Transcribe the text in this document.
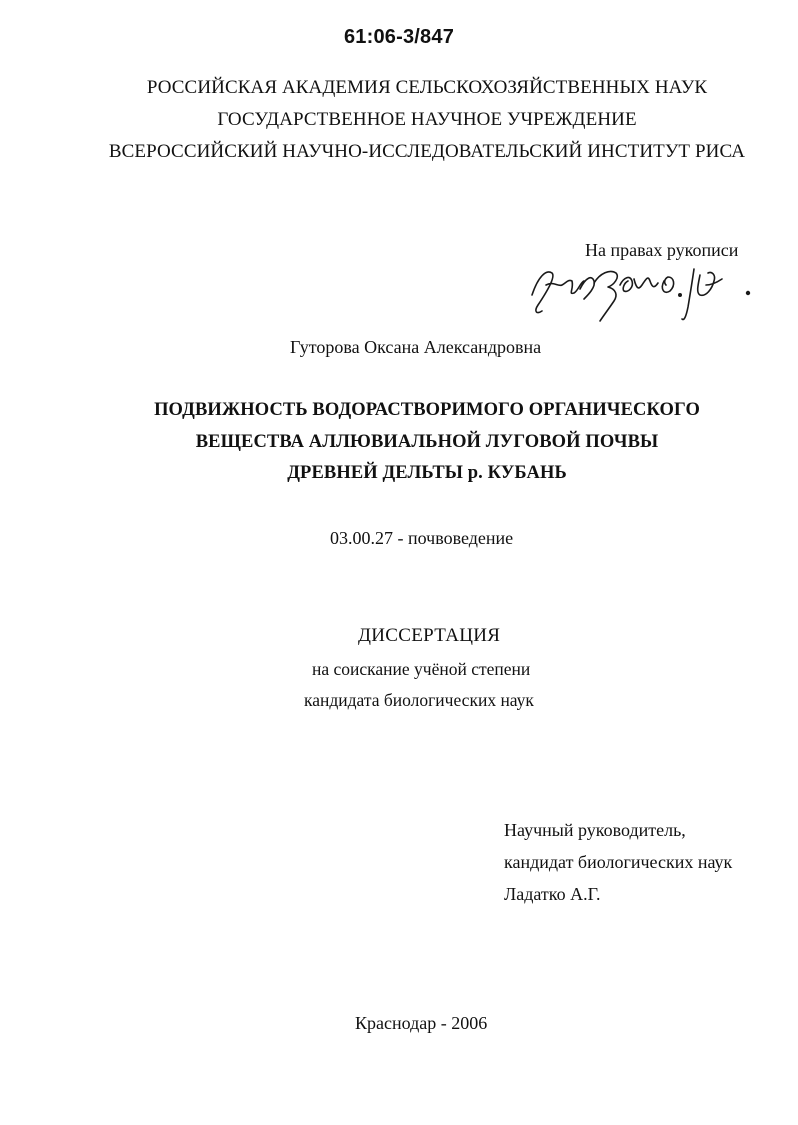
61:06-3/847
РОССИЙСКАЯ АКАДЕМИЯ СЕЛЬСКОХОЗЯЙСТВЕННЫХ НАУК
ГОСУДАРСТВЕННОЕ НАУЧНОЕ УЧРЕЖДЕНИЕ
ВСЕРОССИЙСКИЙ НАУЧНО-ИССЛЕДОВАТЕЛЬСКИЙ ИНСТИТУТ РИСА
На правах рукописи
Гуторова Оксана Александровна
ПОДВИЖНОСТЬ ВОДОРАСТВОРИМОГО ОРГАНИЧЕСКОГО
ВЕЩЕСТВА АЛЛЮВИАЛЬНОЙ ЛУГОВОЙ ПОЧВЫ
ДРЕВНЕЙ ДЕЛЬТЫ р. КУБАНЬ
03.00.27 - почвоведение
ДИССЕРТАЦИЯ
на соискание учёной степени
кандидата биологических наук
Научный руководитель,
кандидат биологических наук
Ладатко А.Г.
Краснодар - 2006
